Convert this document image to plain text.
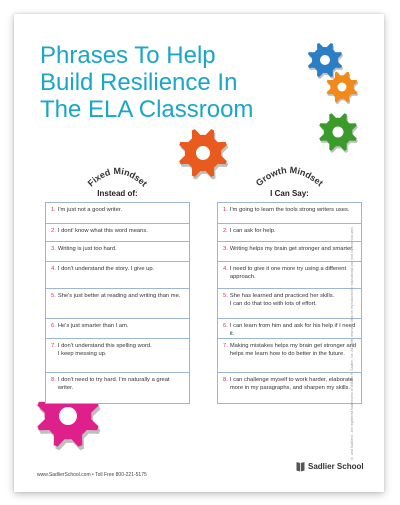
Phrases To Help Build Resilience In The ELA Classroom
Fixed Mindset
Instead of:
1. I'm just not a good writer.
2. I dont' know what this word means.
3. Writing is just too hard.
4. I don't understand the story. I give up.
5. She's just better at reading and writing than me.
6. He's just smarter than I am.
7. I don't understand this spelling word.
I keep messing up.
8. I don't need to try hard. I'm naturally a great writer.
Growth Mindset
I Can Say:
1. I'm going to learn the tools strong writers uses.
2. I can ask for help.
3. Writing helps my brain get stronger and smarter.
4. I need to give it one more try using a different approach.
5. She has learned and practiced her skills.
I can do that too with lots of effort.
6. I can learn from him and ask for his help if I need it.
7. Making mistakes helps my brain get stronger and helps me learn how to do better in the future.
8. I can challenge myself to work harder, elaborate more in my paragraphs, and sharpen my skills. ® and Sadlier® are registered trademarks of William H. Sadlier, Inc. All rights reserved. May be reproduced for educational use (not commercial use).
www.SadlierSchool.com • Toll Free 800-221-5175
Sadlier School
